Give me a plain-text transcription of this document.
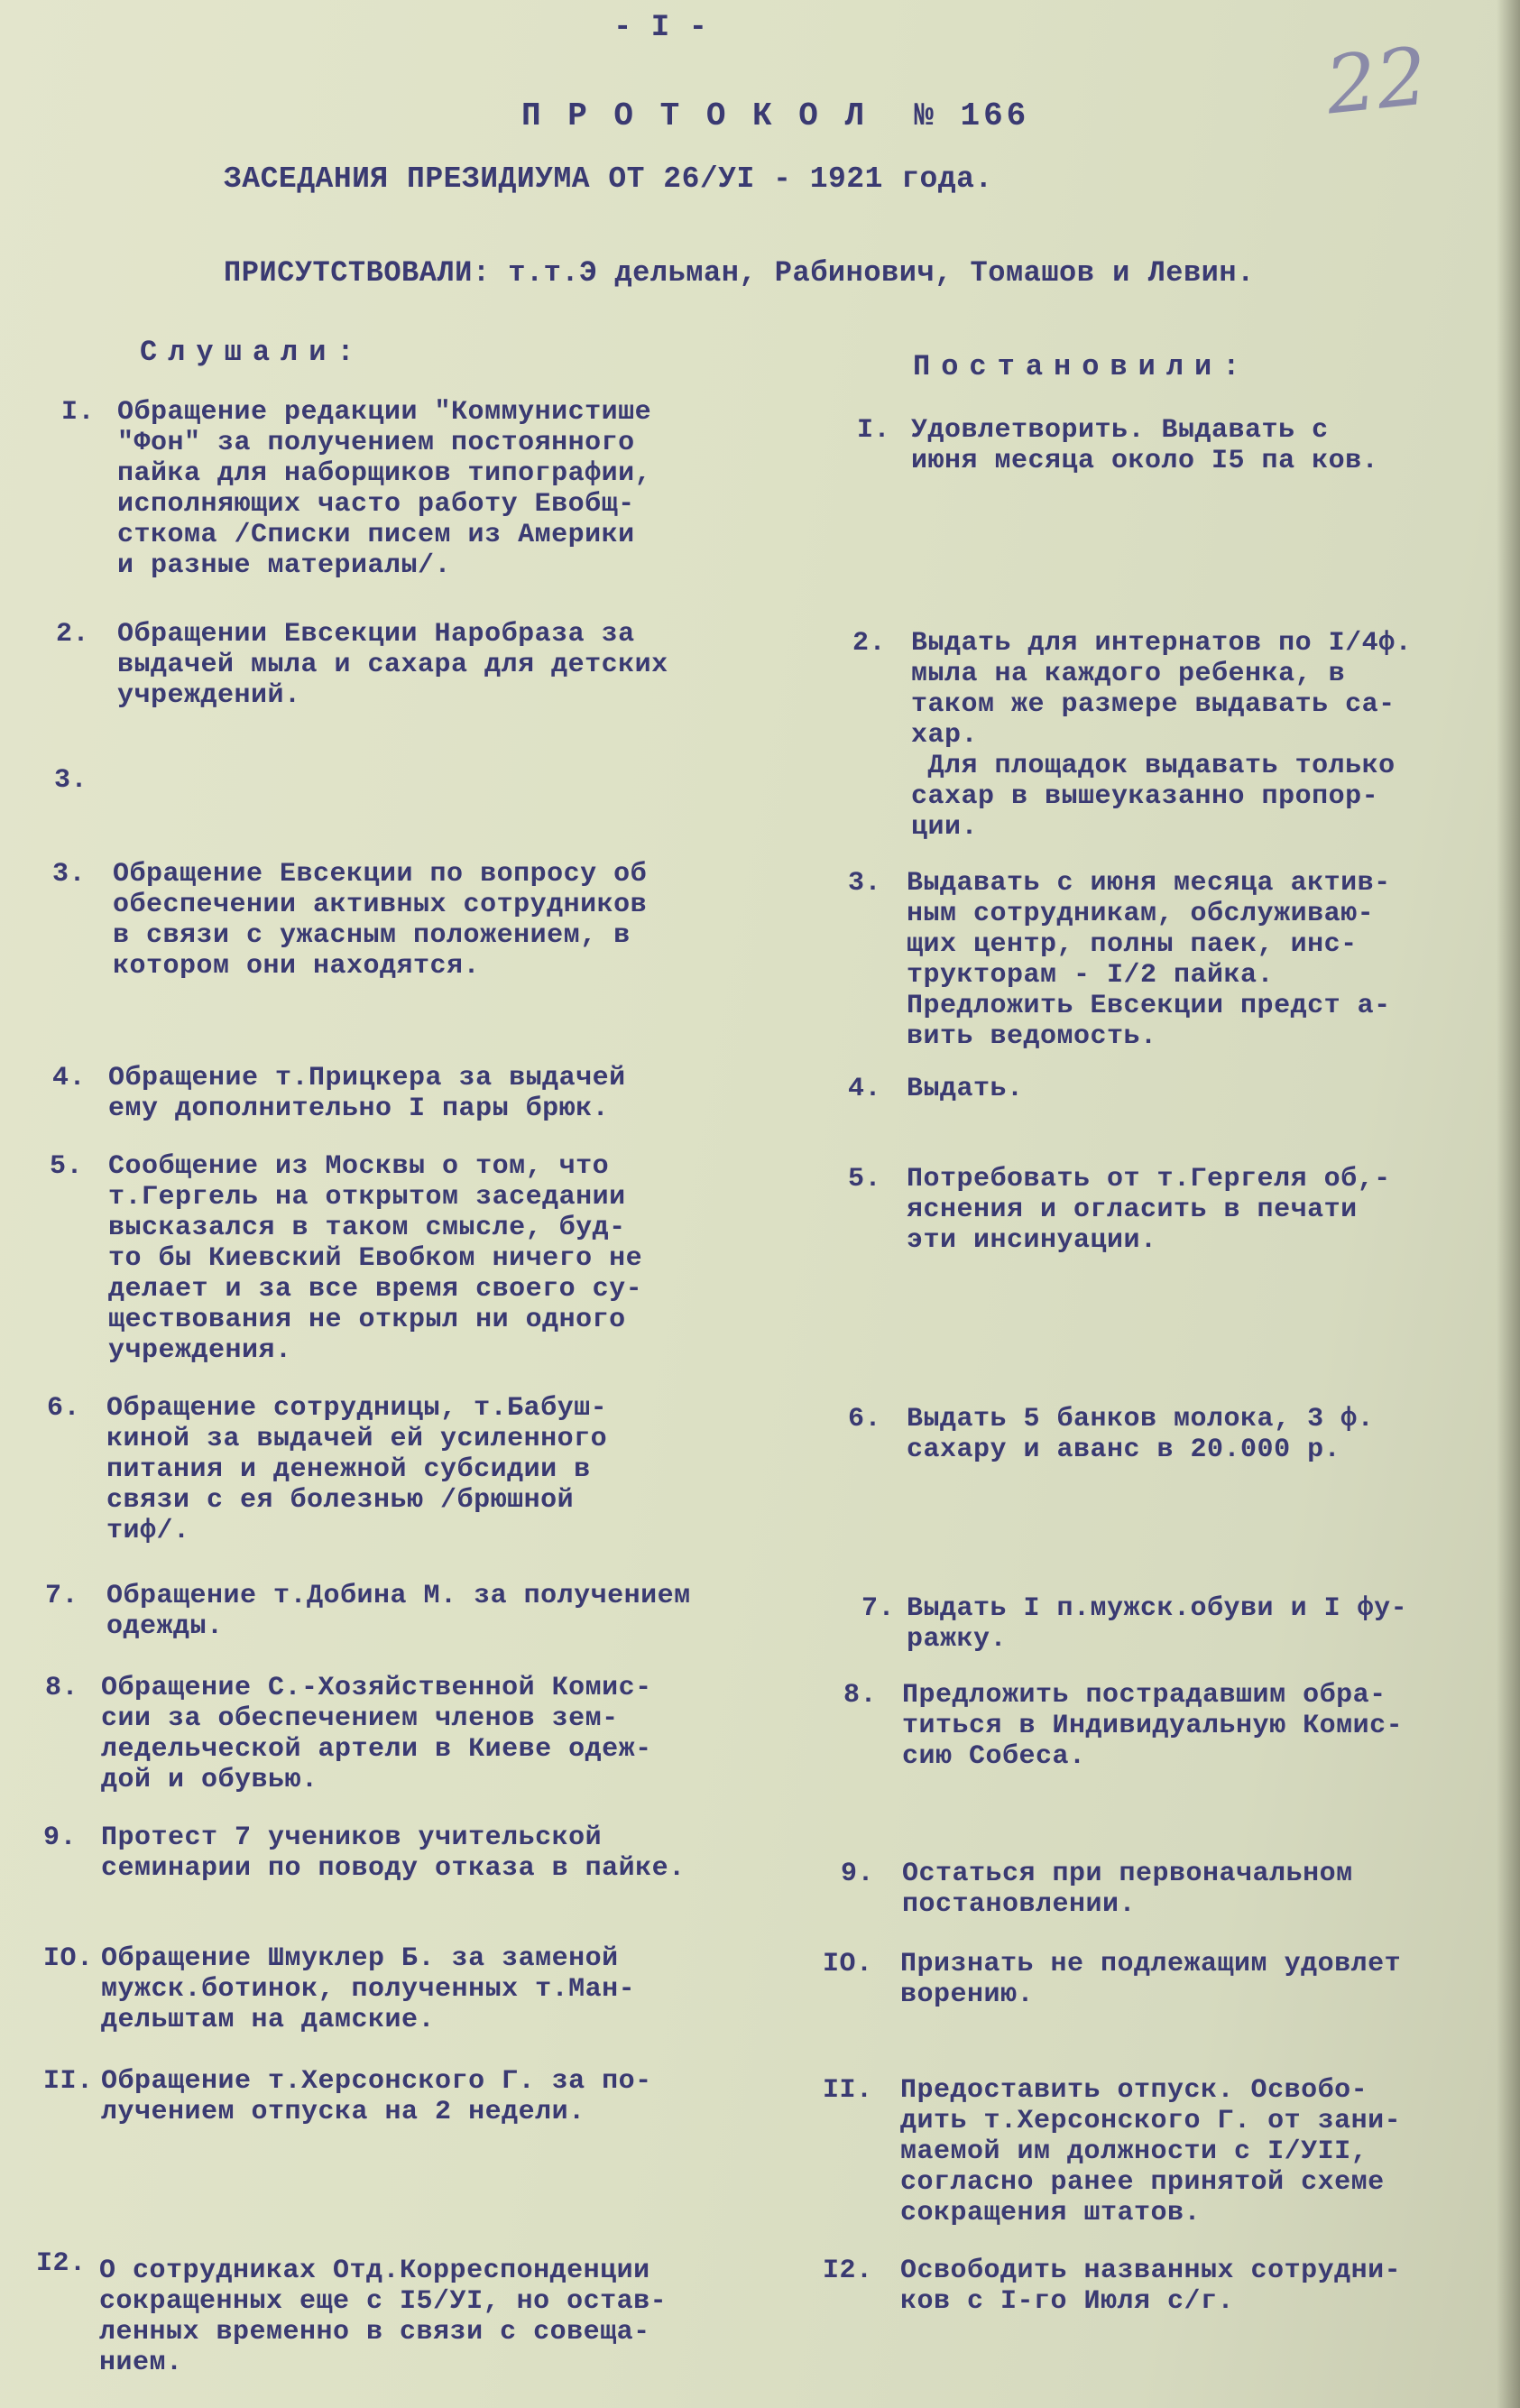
- I -
22
П Р О Т О К О Л  № 166
ЗАСЕДАНИЯ ПРЕЗИДИУМА ОТ 26/УI - 1921 года.
ПРИСУТСТВОВАЛИ: т.т.Э дельман, Рабинович, Томашов и Левин.
Слушали:	Постановили:
3.
I. Обращение редакции "Коммунистише
"Фон" за получением постоянного
пайка для наборщиков типографии,
исполняющих часто работу Евобщ-
сткома /Списки писем из Америки
и разные материалы/.
I. Удовлетворить. Выдавать с
июня месяца около I5 па ков.
2. Обращении Евсекции Наробраза за
выдачей мыла и сахара для детских
учреждений.
2. Выдать для интернатов по I/4ф.
мыла на каждого ребенка, в
таком же размере выдавать са-
хар.
Для площадок выдавать только
сахар в вышеуказанно пропор-
ции.
3. Обращение Евсекции по вопросу об
обеспечении активных сотрудников
в связи с ужасным положением, в
котором они находятся.
3. Выдавать с июня месяца актив-
ным сотрудникам, обслуживаю-
щих центр, полны паек, инс-
трукторам - I/2 пайка.
Предложить Евсекции предст а-
вить ведомость.
4. Обращение т.Прицкера за выдачей
ему дополнительно I пары брюк.
4. Выдать.
5. Сообщение из Москвы о том, что
т.Гергель на открытом заседании
высказался в таком смысле, буд-
то бы Киевский Евобком ничего не
делает и за все время своего су-
ществования не открыл ни одного
учреждения.
5. Потребовать от т.Гергеля об,-
яснения и огласить в печати
эти инсинуации.
6. Обращение сотрудницы, т.Бабуш-
киной за выдачей ей усиленного
питания и денежной субсидии в
связи с ея болезнью /брюшной
тиф/.
6. Выдать 5 банков молока, 3 ф.
сахару и аванс в 20.000 р.
7. Обращение т.Добина М. за получением
одежды.
7. Выдать I п.мужск.обуви и I фу-
ражку.
8. Обращение С.-Хозяйственной Комис-
сии за обеспечением членов зем-
ледельческой артели в Киеве одеж-
дой и обувью.
8. Предложить пострадавшим обра-
титься в Индивидуальную Комис-
сию Собеса.
9. Протест 7 учеников учительской
семинарии по поводу отказа в пайке.	9. Остаться при первоначальном
постановлении.
IO. Обращение Шмуклер Б. за заменой
мужск.ботинок, полученных т.Ман-
дельштам на дамские.
IO. Признать не подлежащим удовлет
ворению.
II. Обращение т.Херсонского Г. за по-
лучением отпуска на 2 недели.
II. Предоставить отпуск. Освобо-
дить т.Херсонского Г. от зани-
маемой им должности с I/УII,
согласно ранее принятой схеме
сокращения штатов.
I2. О сотрудниках Отд.Корреспонденции
сокращенных еще с I5/УI, но остав-
ленных временно в связи с совеща-
нием.
I2. Освободить названных сотрудни-
ков с I-го Июля с/г.
